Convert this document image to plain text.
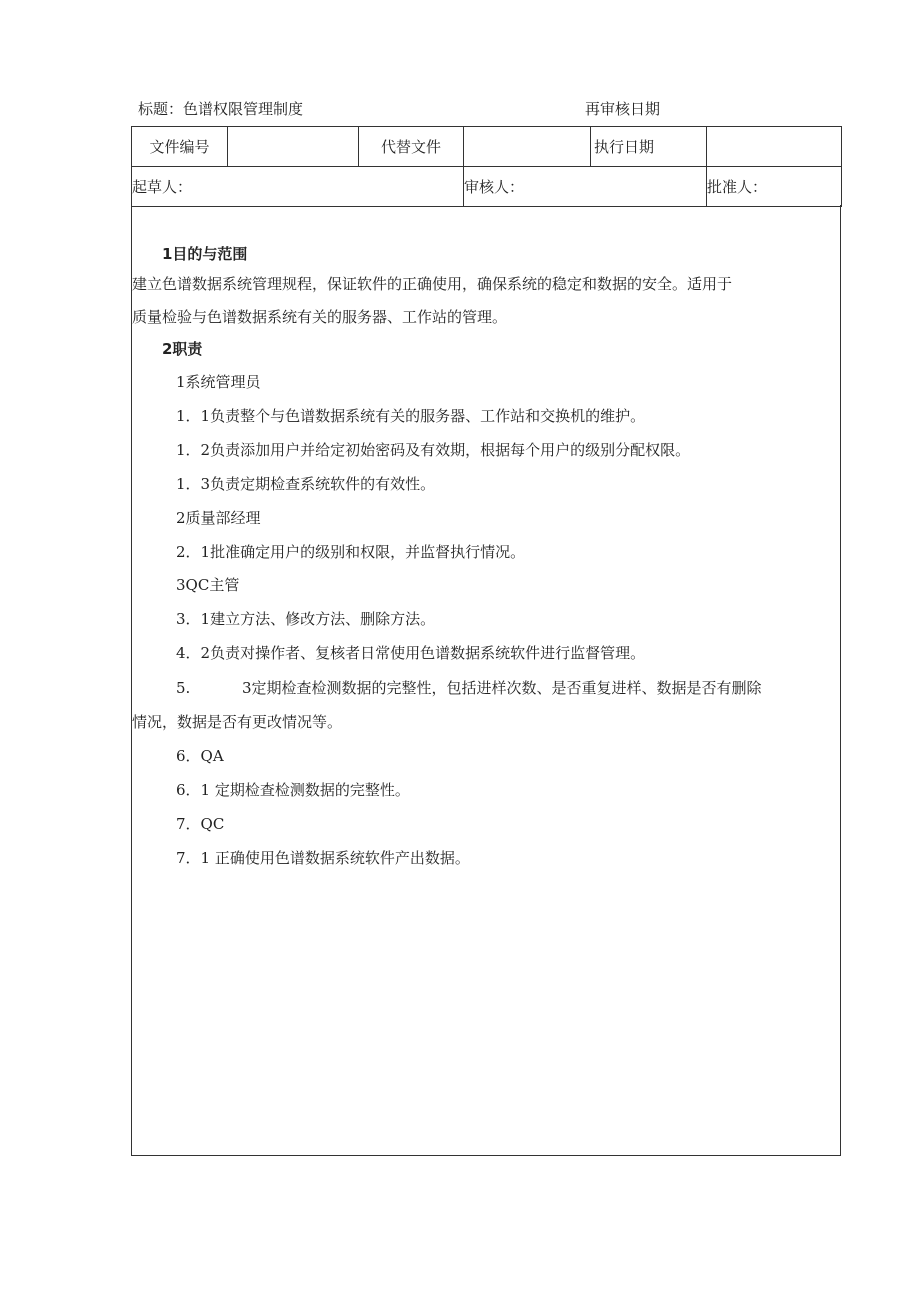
标题：色谱权限管理制度	再审核日期
文件编号		代替文件		执行日期	
起草人：			审核人：		批准人：
1目的与范围
建立色谱数据系统管理规程，保证软件的正确使用，确保系统的稳定和数据的安全。适用于
质量检验与色谱数据系统有关的服务器、工作站的管理。
2职责
1系统管理员
1．1负责整个与色谱数据系统有关的服务器、工作站和交换机的维护。
1．2负责添加用户并给定初始密码及有效期，根据每个用户的级别分配权限。
1．3负责定期检查系统软件的有效性。
2质量部经理
2．1批准确定用户的级别和权限，并监督执行情况。
3QC主管
3．1建立方法、修改方法、删除方法。
4．2负责对操作者、复核者日常使用色谱数据系统软件进行监督管理。
5.	3定期检查检测数据的完整性，包括进样次数、是否重复进样、数据是否有删除
情况，数据是否有更改情况等。
6．QA
6．1 定期检查检测数据的完整性。
7．QC
7．1 正确使用色谱数据系统软件产出数据。
